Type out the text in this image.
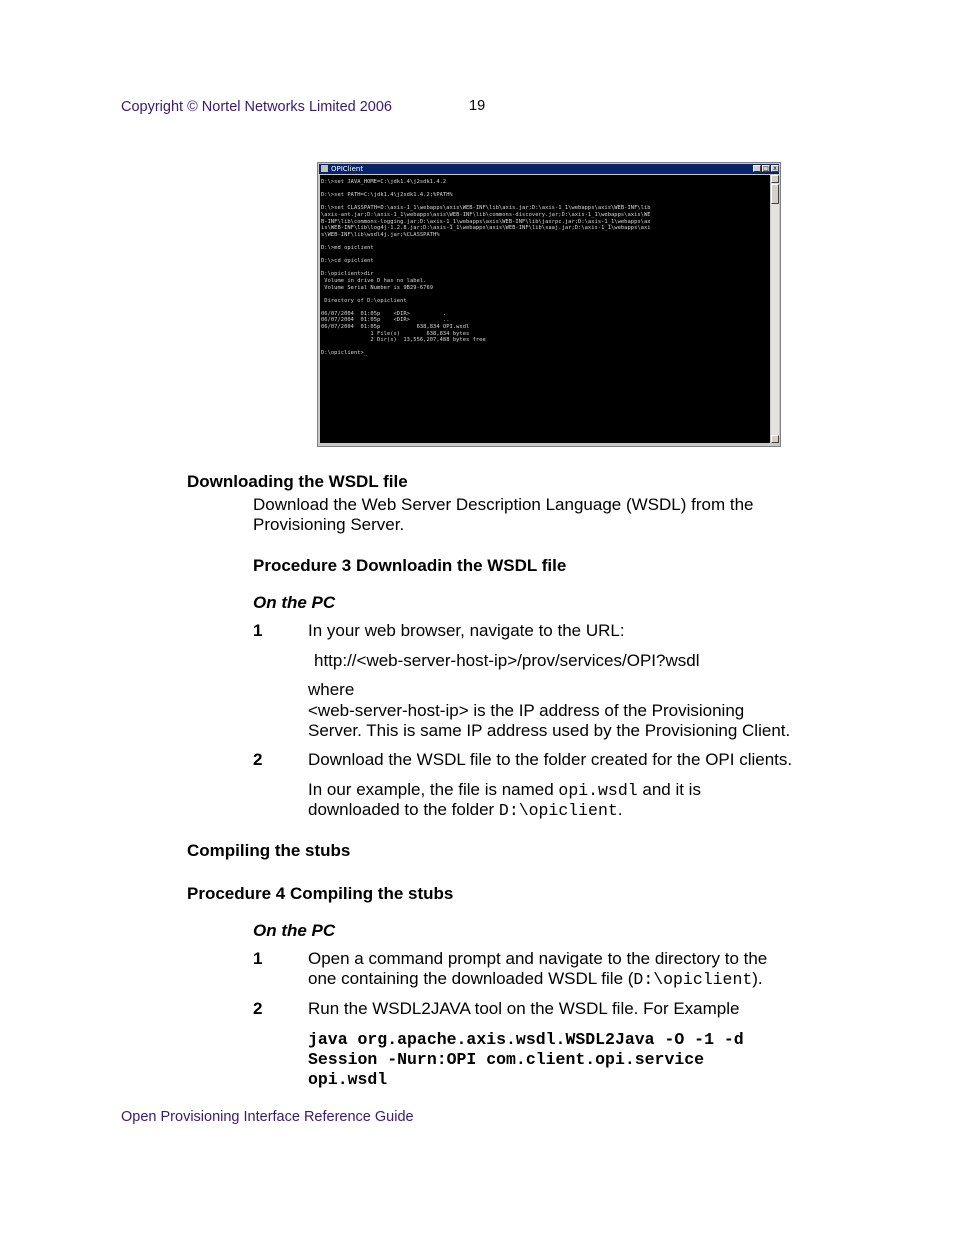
Copyright © Nortel Networks Limited 2006	19
OPIClient	_ □ x
D:\>set JAVA_HOME=C:\jdk1.4\j2sdk1.4.2

D:\>set PATH=C:\jdk1.4\j2sdk1.4.2;%PATH%

D:\>set CLASSPATH=D:\axis-1_1\webapps\axis\WEB-INF\lib\axis.jar;D:\axis-1_1\webapps\axis\WEB-INF\lib
\axis-ant.jar;D:\axis-1_1\webapps\axis\WEB-INF\lib\commons-discovery.jar;D:\axis-1_1\webapps\axis\WE
B-INF\lib\commons-logging.jar;D:\axis-1_1\webapps\axis\WEB-INF\lib\jaxrpc.jar;D:\axis-1_1\webapps\ax
is\WEB-INF\lib\log4j-1.2.8.jar;D:\axis-1_1\webapps\axis\WEB-INF\lib\saaj.jar;D:\axis-1_1\webapps\axi
s\WEB-INF\lib\wsdl4j.jar;%CLASSPATH%

D:\>md opiclient

D:\>cd opiclient

D:\opiclient>dir
Volume in drive D has no label.
Volume Serial Number is 9B29-6769

Directory of D:\opiclient

06/07/2004  01:05p    <DIR>          .
06/07/2004  01:05p    <DIR>          ..
06/07/2004  01:05p           638,834 OPI.wsdl
1 File(s)        638,834 bytes
2 Dir(s)  13,556,207,488 bytes free

D:\opiclient>_
Downloading the WSDL file
Download the Web Server Description Language (WSDL) from the
Provisioning Server.
Procedure 3 Downloadin the WSDL file
On the PC
1	In your web browser, navigate to the URL:
http://<web-server-host-ip>/prov/services/OPI?wsdl
where
<web-server-host-ip> is the IP address of the Provisioning
Server. This is same IP address used by the Provisioning Client.
2	Download the WSDL file to the folder created for the OPI clients.
In our example, the file is named opi.wsdl and it is
downloaded to the folder D:\opiclient.
Compiling the stubs
Procedure 4 Compiling the stubs
On the PC
1	Open a command prompt and navigate to the directory to the
one containing the downloaded WSDL file (D:\opiclient).
2	Run the WSDL2JAVA tool on the WSDL file. For Example
java org.apache.axis.wsdl.WSDL2Java -O -1 -d
Session -Nurn:OPI com.client.opi.service
opi.wsdl
Open Provisioning Interface Reference Guide
